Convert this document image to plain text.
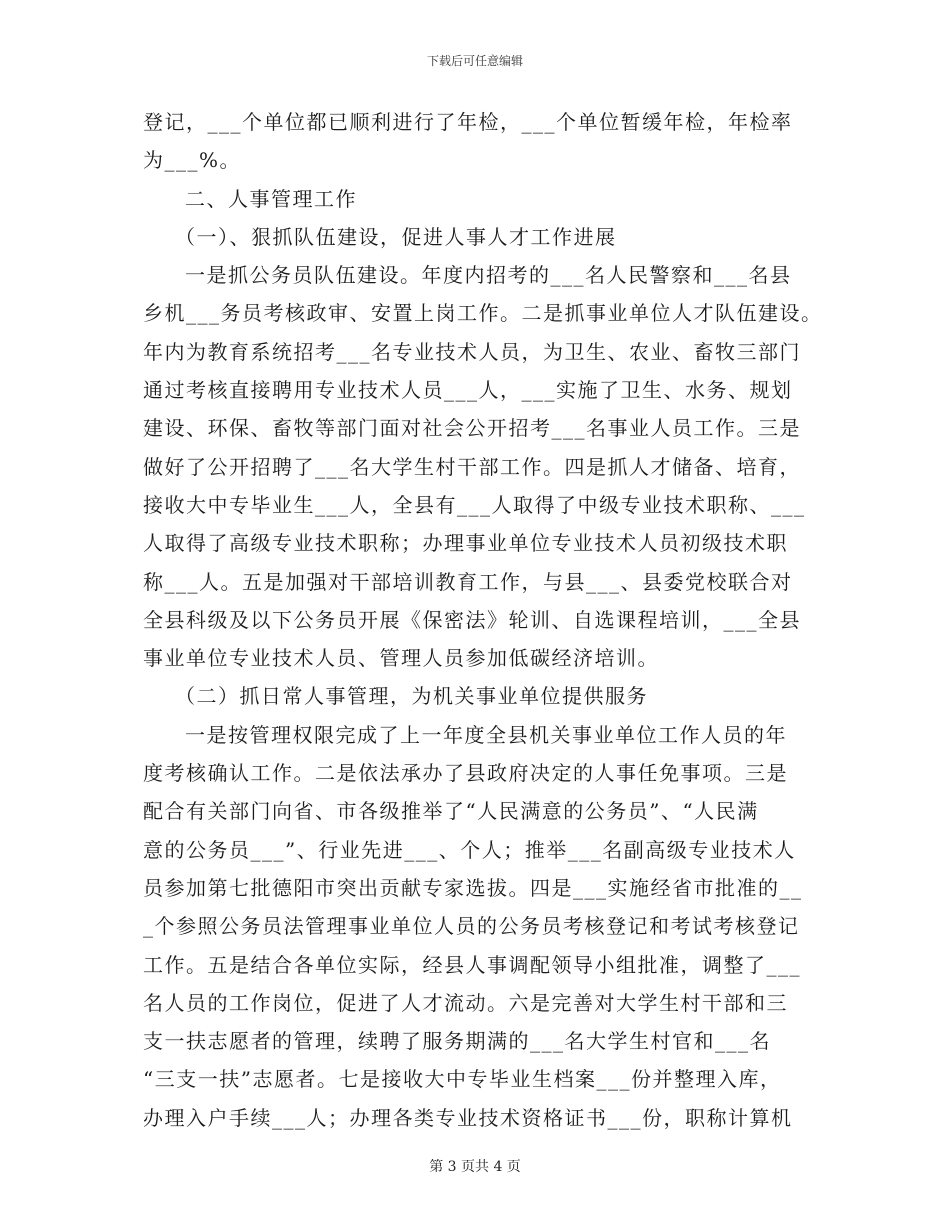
下载后可任意编辑
登记，___个单位都已顺利进行了年检，___个单位暂缓年检，年检率
为___%。
二、人事管理工作
（一）、狠抓队伍建设，促进人事人才工作进展
一是抓公务员队伍建设。年度内招考的___名人民警察和___名县
乡机___务员考核政审、安置上岗工作。二是抓事业单位人才队伍建设。
年内为教育系统招考___名专业技术人员，为卫生、农业、畜牧三部门
通过考核直接聘用专业技术人员___人，___实施了卫生、水务、规划
建设、环保、畜牧等部门面对社会公开招考___名事业人员工作。三是
做好了公开招聘了___名大学生村干部工作。四是抓人才储备、培育，
接收大中专毕业生___人，全县有___人取得了中级专业技术职称、___
人取得了高级专业技术职称；办理事业单位专业技术人员初级技术职
称___人。五是加强对干部培训教育工作，与县___、县委党校联合对
全县科级及以下公务员开展《保密法》轮训、自选课程培训，___全县
事业单位专业技术人员、管理人员参加低碳经济培训。
（二）抓日常人事管理，为机关事业单位提供服务
一是按管理权限完成了上一年度全县机关事业单位工作人员的年
度考核确认工作。二是依法承办了县政府决定的人事任免事项。三是
配合有关部门向省、市各级推举了“人民满意的公务员”、“人民满
意的公务员___”、行业先进___、个人；推举___名副高级专业技术人
员参加第七批德阳市突出贡献专家选拔。四是___实施经省市批准的__
_个参照公务员法管理事业单位人员的公务员考核登记和考试考核登记
工作。五是结合各单位实际，经县人事调配领导小组批准，调整了___
名人员的工作岗位，促进了人才流动。六是完善对大学生村干部和三
支一扶志愿者的管理，续聘了服务期满的___名大学生村官和___名
“三支一扶”志愿者。七是接收大中专毕业生档案___份并整理入库，
办理入户手续___人；办理各类专业技术资格证书___份，职称计算机
第 3 页共 4 页
